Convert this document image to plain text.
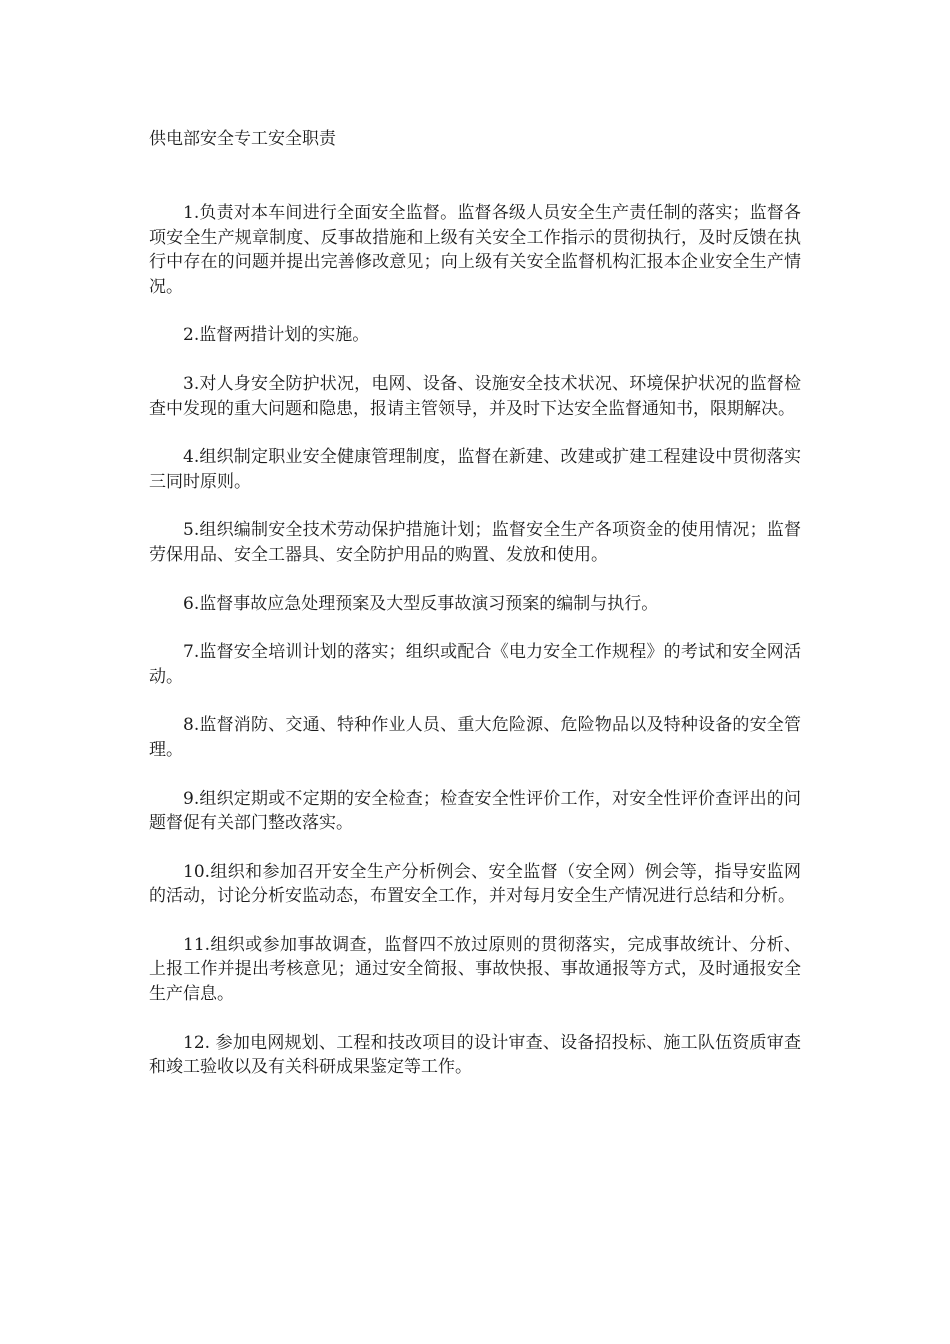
供电部安全专工安全职责

1.负责对本车间进行全面安全监督。监督各级人员安全生产责任制的落实；监督各项安全生产规章制度、反事故措施和上级有关安全工作指示的贯彻执行，及时反馈在执行中存在的问题并提出完善修改意见；向上级有关安全监督机构汇报本企业安全生产情况。

2.监督两措计划的实施。

3.对人身安全防护状况，电网、设备、设施安全技术状况、环境保护状况的监督检查中发现的重大问题和隐患，报请主管领导，并及时下达安全监督通知书，限期解决。

4.组织制定职业安全健康管理制度，监督在新建、改建或扩建工程建设中贯彻落实三同时原则。

5.组织编制安全技术劳动保护措施计划；监督安全生产各项资金的使用情况；监督劳保用品、安全工器具、安全防护用品的购置、发放和使用。

6.监督事故应急处理预案及大型反事故演习预案的编制与执行。

7.监督安全培训计划的落实；组织或配合《电力安全工作规程》的考试和安全网活动。

8.监督消防、交通、特种作业人员、重大危险源、危险物品以及特种设备的安全管理。

9.组织定期或不定期的安全检查；检查安全性评价工作，对安全性评价查评出的问题督促有关部门整改落实。

10.组织和参加召开安全生产分析例会、安全监督（安全网）例会等，指导安监网的活动，讨论分析安监动态，布置安全工作，并对每月安全生产情况进行总结和分析。

11.组织或参加事故调查，监督四不放过原则的贯彻落实，完成事故统计、分析、上报工作并提出考核意见；通过安全简报、事故快报、事故通报等方式，及时通报安全生产信息。

12. 参加电网规划、工程和技改项目的设计审查、设备招投标、施工队伍资质审查和竣工验收以及有关科研成果鉴定等工作。
